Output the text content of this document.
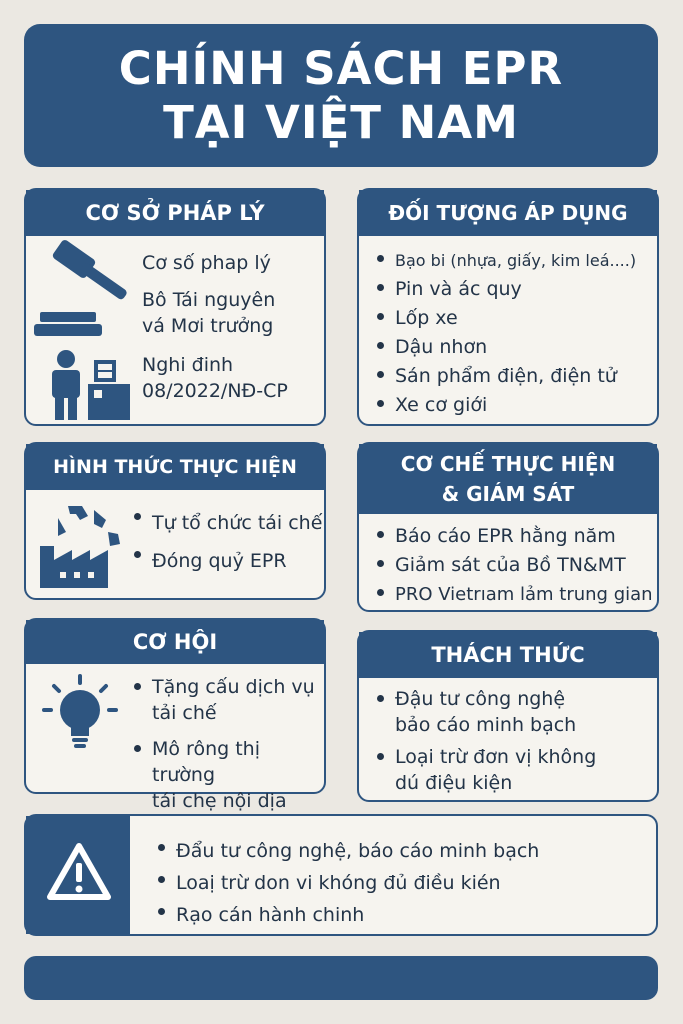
CHÍNH SÁCH EPR
TẠI VIỆT NAM
CƠ SỞ PHÁP LÝ
Cơ số phap lý
Bô Tái nguyên
vá Mơi trưởng
Nghi đinh
08/2022/NĐ-CP
ĐỐI TƯỢNG ÁP DỤNG
Bạo bi (nhựa, giấy, kim leá....)
Pin và ác quy
Lốp xe
Dậu nhơn
Sán phẩm điện, điện tử
Xe cơ giới
HÌNH THỨC THỰC HIỆN
Tự tổ chức tái chế
Đóng quỷ EPR
CƠ CHẾ THỰC HIỆN
& GIÁM SÁT
Báo cáo EPR hằng năm
Giảm sát của Bồ TN&MT
PRO Vietrıam lảm trung gian
CƠ HỘI
Tặng cấu dịch vụ
tải chế
Mô rông thị trường
tái chẹ nội dịa
THÁCH THỨC
Đậu tư công nghệ
bảo cáo minh bạch
Loại trừ đơn vị không
dú điệu kiện
Đẩu tư công nghệ, báo cáo minh bạch
Loaị trừ don vi khóng đủ điều kién
Rạo cán hành chinh
